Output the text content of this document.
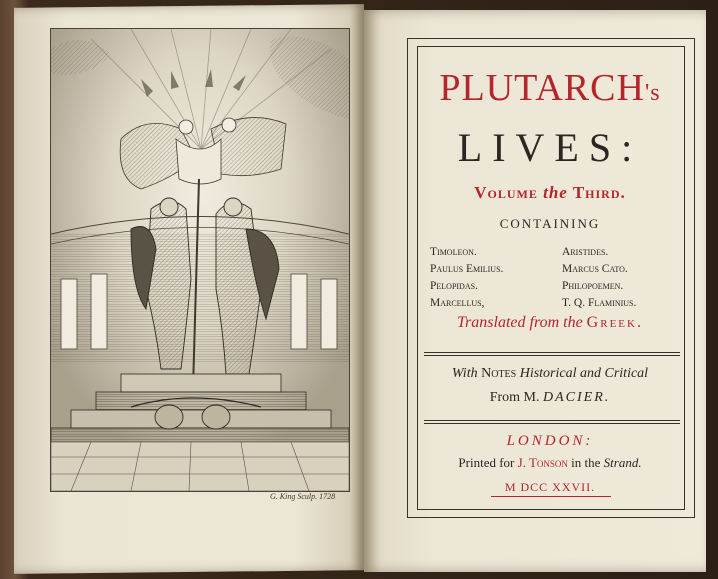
G. King Sculp. 1728
PLUTARCH's
LIVES:
Volume the Third.
CONTAINING
Timoleon.
Paulus Emilius.
Pelopidas.
Marcellus,
Aristides.
Marcus Cato.
Philopoemen.
T. Q. Flaminius.
Translated from the Greek.
With Notes Historical and Critical
From M. DACIER.
LONDON:
Printed for J. Tonson in the Strand.
M DCC XXVII.
